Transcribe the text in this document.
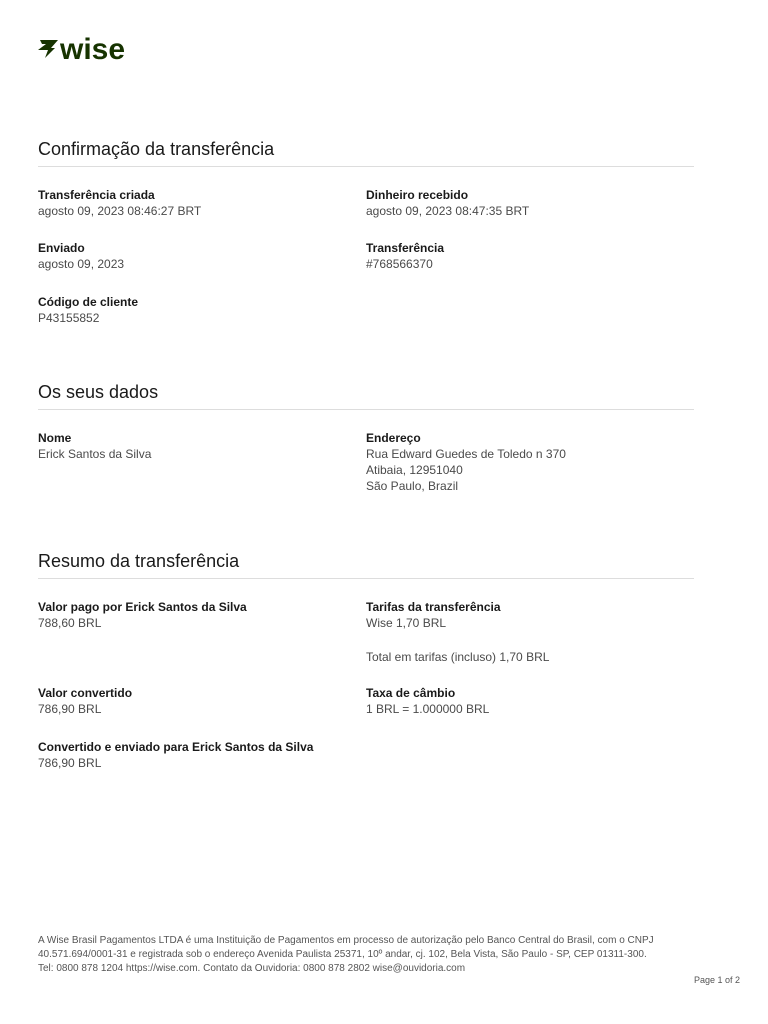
wise
Confirmação da transferência
Transferência criada
agosto 09, 2023 08:46:27 BRT
Dinheiro recebido
agosto 09, 2023 08:47:35 BRT
Enviado
agosto 09, 2023
Transferência
#768566370
Código de cliente
P43155852
Os seus dados
Nome
Erick Santos da Silva
Endereço
Rua Edward Guedes de Toledo n 370
Atibaia, 12951040
São Paulo, Brazil
Resumo da transferência
Valor pago por Erick Santos da Silva
788,60 BRL
Tarifas da transferência
Wise 1,70 BRL
Total em tarifas (incluso) 1,70 BRL
Valor convertido
786,90 BRL
Taxa de câmbio
1 BRL = 1.000000 BRL
Convertido e enviado para Erick Santos da Silva
786,90 BRL
A Wise Brasil Pagamentos LTDA é uma Instituição de Pagamentos em processo de autorização pelo Banco Central do Brasil, com o CNPJ
40.571.694/0001-31 e registrada sob o endereço Avenida Paulista 25371, 10º andar, cj. 102, Bela Vista, São Paulo - SP, CEP 01311-300.
Tel: 0800 878 1204 https://wise.com. Contato da Ouvidoria: 0800 878 2802 wise@ouvidoria.com
Page 1 of 2
